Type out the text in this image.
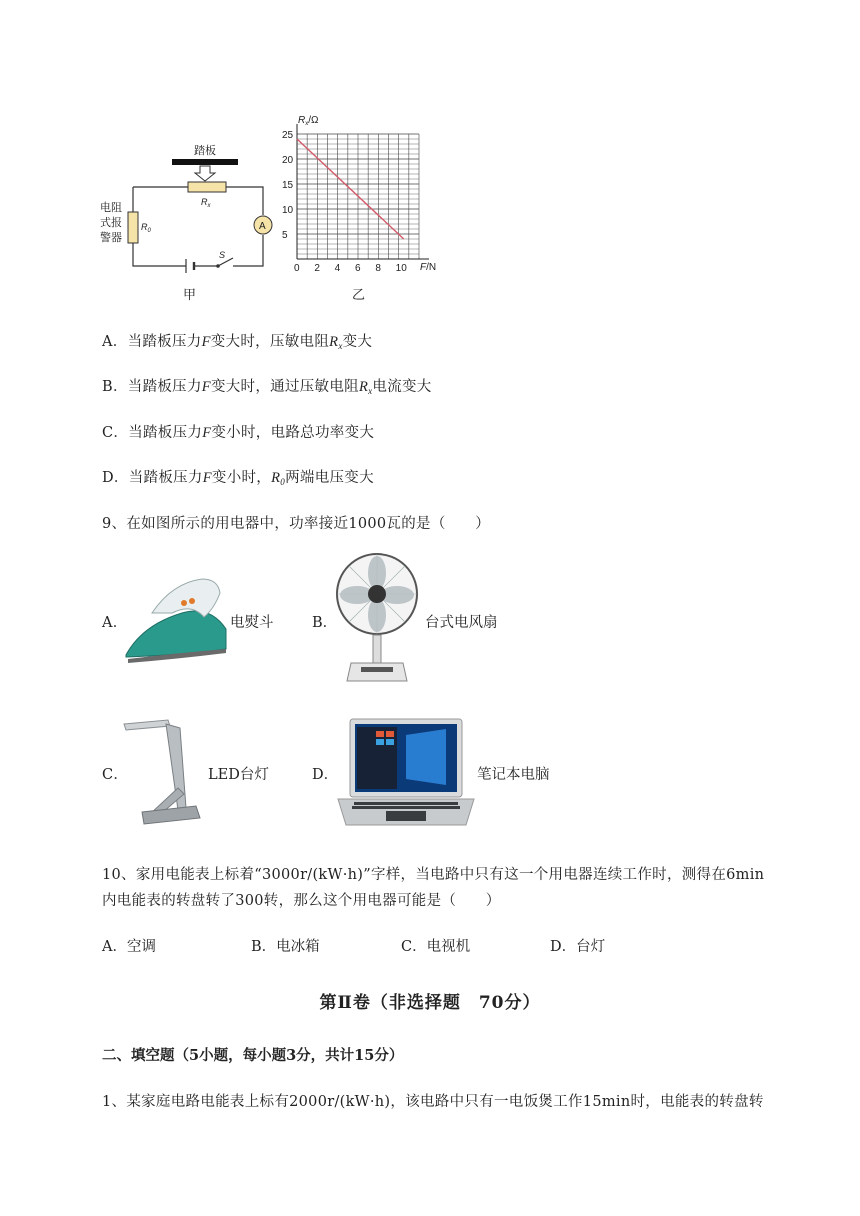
踏板
$R_x$
$R_0$
电阻
式报
警器
A
S
甲
0 2 4 6 8 10
5
10
15
20
25
$R_x/\Omega$
F/N
乙
A．当踏板压力F变大时，压敏电阻$R_x$变大
B．当踏板压力F变大时，通过压敏电阻$R_x$电流变大
C．当踏板压力F变小时，电路总功率变大
D．当踏板压力F变小时，$R_0$两端电压变大
9、在如图所示的用电器中，功率接近1000瓦的是（　　）
A．	电熨斗	B．	台式电风扇
C．	LED台灯	D．	笔记本电脑
10、家用电能表上标着“3000r/(kW·h)”字样，当电路中只有这一个用电器连续工作时，测得在6min
内电能表的转盘转了300转，那么这个用电器可能是（　　）
A．空调	B．电冰箱	C．电视机	D．台灯
第Ⅱ卷（非选择题　70分）
二、填空题（5小题，每小题3分，共计15分）
1、某家庭电路电能表上标有2000r/(kW·h)，该电路中只有一电饭煲工作15min时，电能表的转盘转
